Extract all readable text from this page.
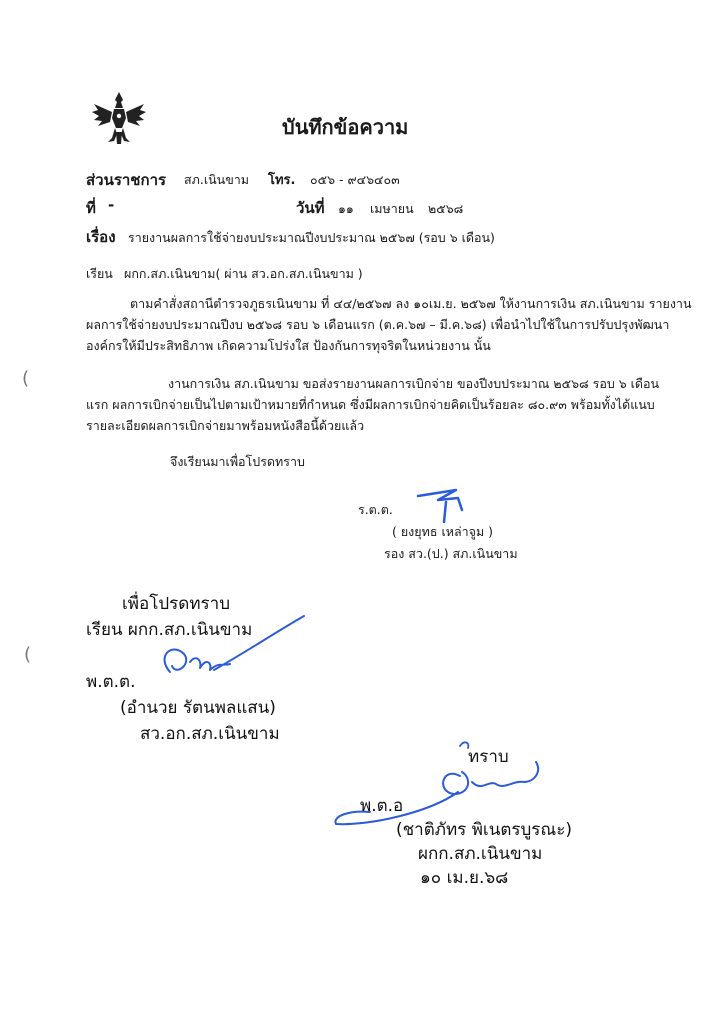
บันทึกข้อความ
ส่วนราชการ สภ.เนินขาม โทร. ๐๕๖ - ๙๔๖๔๐๓
ที่ -	วันที่ ๑๑ เมษายน ๒๕๖๘
เรื่อง รายงานผลการใช้จ่ายงบประมาณปีงบประมาณ ๒๕๖๗ (รอบ ๖ เดือน)
เรียน ผกก.สภ.เนินขาม( ผ่าน สว.อก.สภ.เนินขาม )
ตามคำสั่งสถานีตำรวจภูธรเนินขาม ที่ ๔๔/๒๕๖๗ ลง ๑๐เม.ย. ๒๕๖๗ ให้งานการเงิน สภ.เนินขาม รายงาน
ผลการใช้จ่ายงบประมาณปีงบ ๒๕๖๘ รอบ ๖ เดือนแรก (ต.ค.๖๗ – มี.ค.๖๘) เพื่อนำไปใช้ในการปรับปรุงพัฒนา
องค์กรให้มีประสิทธิภาพ เกิดความโปร่งใส ป้องกันการทุจริตในหน่วยงาน นั้น
งานการเงิน สภ.เนินขาม ขอส่งรายงานผลการเบิกจ่าย ของปีงบประมาณ ๒๕๖๘ รอบ ๖ เดือน
แรก ผลการเบิกจ่ายเป็นไปตามเป้าหมายที่กำหนด ซึ่งมีผลการเบิกจ่ายคิดเป็นร้อยละ ๘๐.๙๓ พร้อมทั้งได้แนบ
รายละเอียดผลการเบิกจ่ายมาพร้อมหนังสือนี้ด้วยแล้ว
จึงเรียนมาเพื่อโปรดทราบ
ร.ต.ต.
( ยงยุทธ เหล่าจูม )
รอง สว.(ป.) สภ.เนินขาม
เพื่อโปรดทราบ
เรียน ผกก.สภ.เนินขาม
พ.ต.ต.
(อำนวย รัตนพลแสน)
สว.อก.สภ.เนินขาม
ทราบ
พ.ต.อ
(ชาติภัทร พิเนตรบูรณะ)
ผกก.สภ.เนินขาม
๑๐ เม.ย.๖๘
(
(
